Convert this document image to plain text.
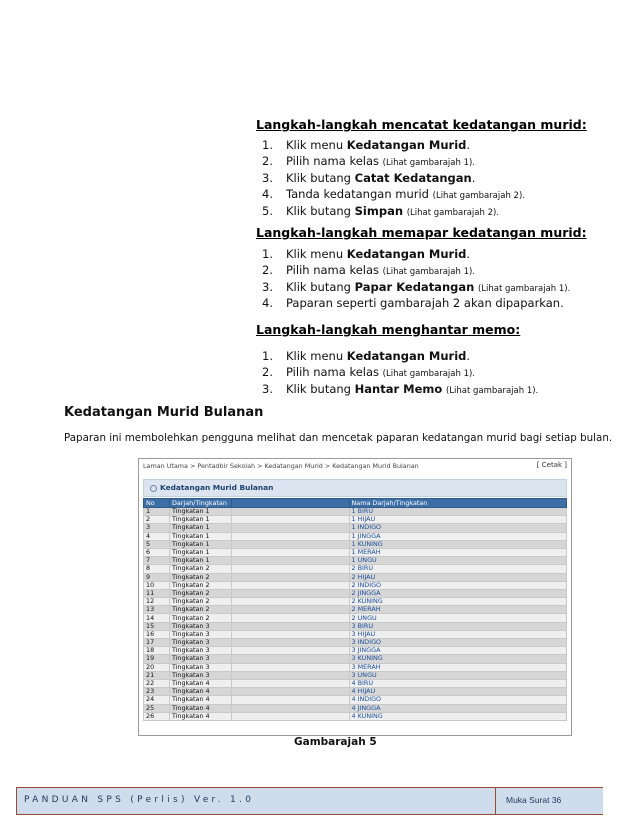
Langkah-langkah mencatat kedatangan murid:
1. Klik menu Kedatangan Murid.
2. Pilih nama kelas (Lihat gambarajah 1).
3. Klik butang Catat Kedatangan.
4. Tanda kedatangan murid (Lihat gambarajah 2).
5. Klik butang Simpan (Lihat gambarajah 2).
Langkah-langkah memapar kedatangan murid:
1. Klik menu Kedatangan Murid.
2. Pilih nama kelas (Lihat gambarajah 1).
3. Klik butang Papar Kedatangan (Lihat gambarajah 1).
4. Paparan seperti gambarajah 2 akan dipaparkan.
Langkah-langkah menghantar memo:
1. Klik menu Kedatangan Murid.
2. Pilih nama kelas (Lihat gambarajah 1).
3. Klik butang Hantar Memo (Lihat gambarajah 1).
Kedatangan Murid Bulanan
Paparan ini membolehkan pengguna melihat dan mencetak paparan kedatangan murid bagi setiap bulan.
Laman Utama > Pentadbir Sekolah > Kedatangan Murid > Kedatangan Murid Bulanan	[ Cetak ]
Kedatangan Murid Bulanan
No	Darjah/Tingkatan		Nama Darjah/Tingkatan
1	Tingkatan 1		1 BIRU
2	Tingkatan 1		1 HIJAU
3	Tingkatan 1		1 INDIGO
4	Tingkatan 1		1 JINGGA
5	Tingkatan 1		1 KUNING
6	Tingkatan 1		1 MERAH
7	Tingkatan 1		1 UNGU
8	Tingkatan 2		2 BIRU
9	Tingkatan 2		2 HIJAU
10	Tingkatan 2		2 INDIGO
11	Tingkatan 2		2 JINGGA
12	Tingkatan 2		2 KUNING
13	Tingkatan 2		2 MERAH
14	Tingkatan 2		2 UNGU
15	Tingkatan 3		3 BIRU
16	Tingkatan 3		3 HIJAU
17	Tingkatan 3		3 INDIGO
18	Tingkatan 3		3 JINGGA
19	Tingkatan 3		3 KUNING
20	Tingkatan 3		3 MERAH
21	Tingkatan 3		3 UNGU
22	Tingkatan 4		4 BIRU
23	Tingkatan 4		4 HIJAU
24	Tingkatan 4		4 INDIGO
25	Tingkatan 4		4 JINGGA
26	Tingkatan 4		4 KUNING
Gambarajah 5
PANDUAN SPS (Perlis) Ver. 1.0	Muka Surat 36
